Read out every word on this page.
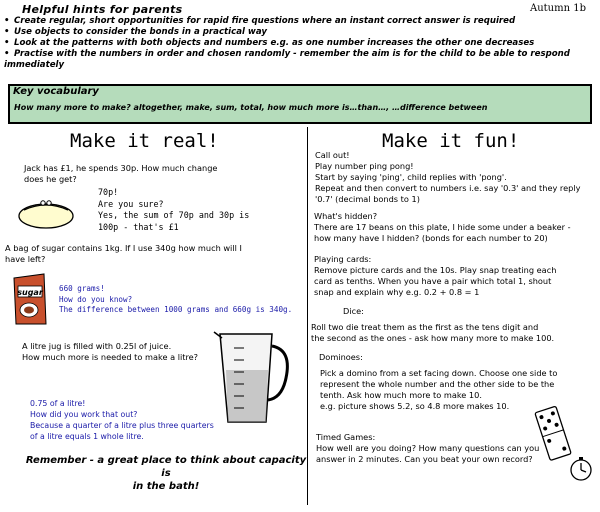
Helpful hints for parents	Autumn 1b
• Create regular, short opportunities for rapid fire questions where an instant correct answer is required
• Use objects to consider the bonds in a practical way
• Look at the patterns with both objects and numbers e.g. as one number increases the other one decreases
• Practise with the numbers in order and chosen randomly - remember the aim is for the child to be able to respond
immediately
Key vocabulary
How many more to make? altogether, make, sum, total, how much more is…than…, …difference between
Make it real!
Jack has £1, he spends 30p. How much change
does he get?
70p!
Are you sure?
Yes, the sum of 70p and 30p is
100p - that's £1
A bag of sugar contains 1kg. If I use 340g how much will I
have left?
sugar 660 grams!
How do you know?
The difference between 1000 grams and 660g is 340g.
A litre jug is filled with 0.25l of juice.
How much more is needed to make a litre?
0.75 of a litre!
How did you work that out?
Because a quarter of a litre plus three quarters
of a litre equals 1 whole litre.
Remember - a great place to think about capacity is
in the bath!
Make it fun!
Call out!
Play number ping pong!
Start by saying 'ping', child replies with 'pong'.
Repeat and then convert to numbers i.e. say '0.3' and they reply
'0.7' (decimal bonds to 1)
What's hidden?
There are 17 beans on this plate, I hide some under a beaker -
how many have I hidden? (bonds for each number to 20)
Playing cards:
Remove picture cards and the 10s. Play snap treating each
card as tenths. When you have a pair which total 1, shout
snap and explain why e.g. 0.2 + 0.8 = 1
Dice:
Roll two die treat them as the first as the tens digit and
the second as the ones - ask how many more to make 100.
Dominoes:
Pick a domino from a set facing down. Choose one side to
represent the whole number and the other side to be the
tenth. Ask how much more to make 10.
e.g. picture shows 5.2, so 4.8 more makes 10.
Timed Games:
How well are you doing? How many questions can you
answer in 2 minutes. Can you beat your own record?
